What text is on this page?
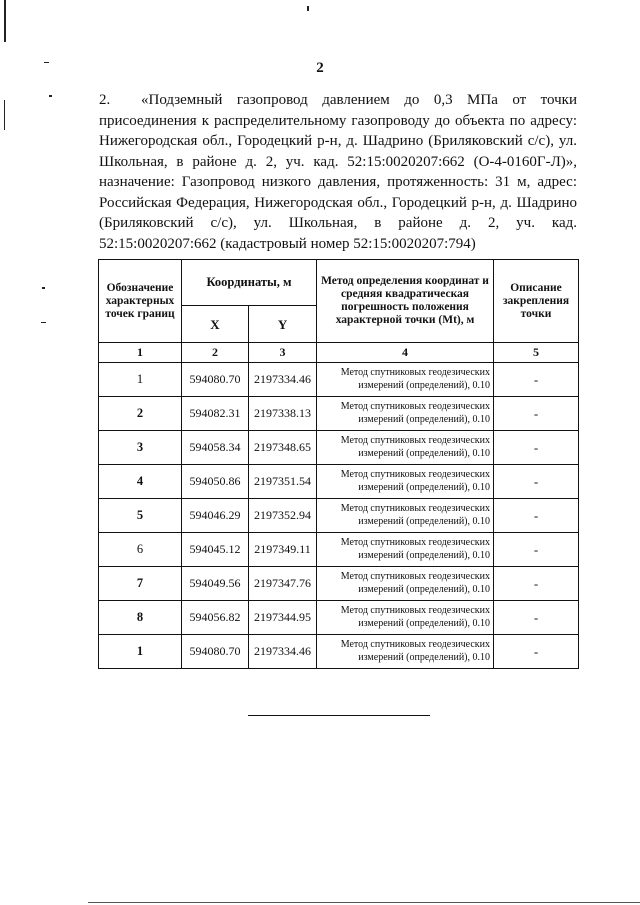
2

2. «Подземный газопровод давлением до 0,3 МПа от точки присоединения к распределительному газопроводу до объекта по адресу: Нижегородская обл., Городецкий р-н, д. Шадрино (Бриляковский с/с), ул. Школьная, в районе д. 2, уч. кад. 52:15:0020207:662 (О-4-0160Г-Л)», назначение: Газопровод низкого давления, протяженность: 31 м, адрес: Российская Федерация, Нижегородская обл., Городецкий р-н, д. Шадрино (Бриляковский с/с), ул. Школьная, в районе д. 2, уч. кад. 52:15:0020207:662 (кадастровый номер 52:15:0020207:794)

Обозначение характерных точек границ	Координаты, м		Метод определения координат и средняя квадратическая погрешность положения характерной точки (Mt), м	Описание закрепления точки
	X	Y		
1	2	3	4	5
1	594080.70	2197334.46	Метод спутниковых геодезических измерений (определений), 0.10	-
2	594082.31	2197338.13	Метод спутниковых геодезических измерений (определений), 0.10	-
3	594058.34	2197348.65	Метод спутниковых геодезических измерений (определений), 0.10	-
4	594050.86	2197351.54	Метод спутниковых геодезических измерений (определений), 0.10	-
5	594046.29	2197352.94	Метод спутниковых геодезических измерений (определений), 0.10	-
6	594045.12	2197349.11	Метод спутниковых геодезических измерений (определений), 0.10	-
7	594049.56	2197347.76	Метод спутниковых геодезических измерений (определений), 0.10	-
8	594056.82	2197344.95	Метод спутниковых геодезических измерений (определений), 0.10	-
1	594080.70	2197334.46	Метод спутниковых геодезических измерений (определений), 0.10	-
